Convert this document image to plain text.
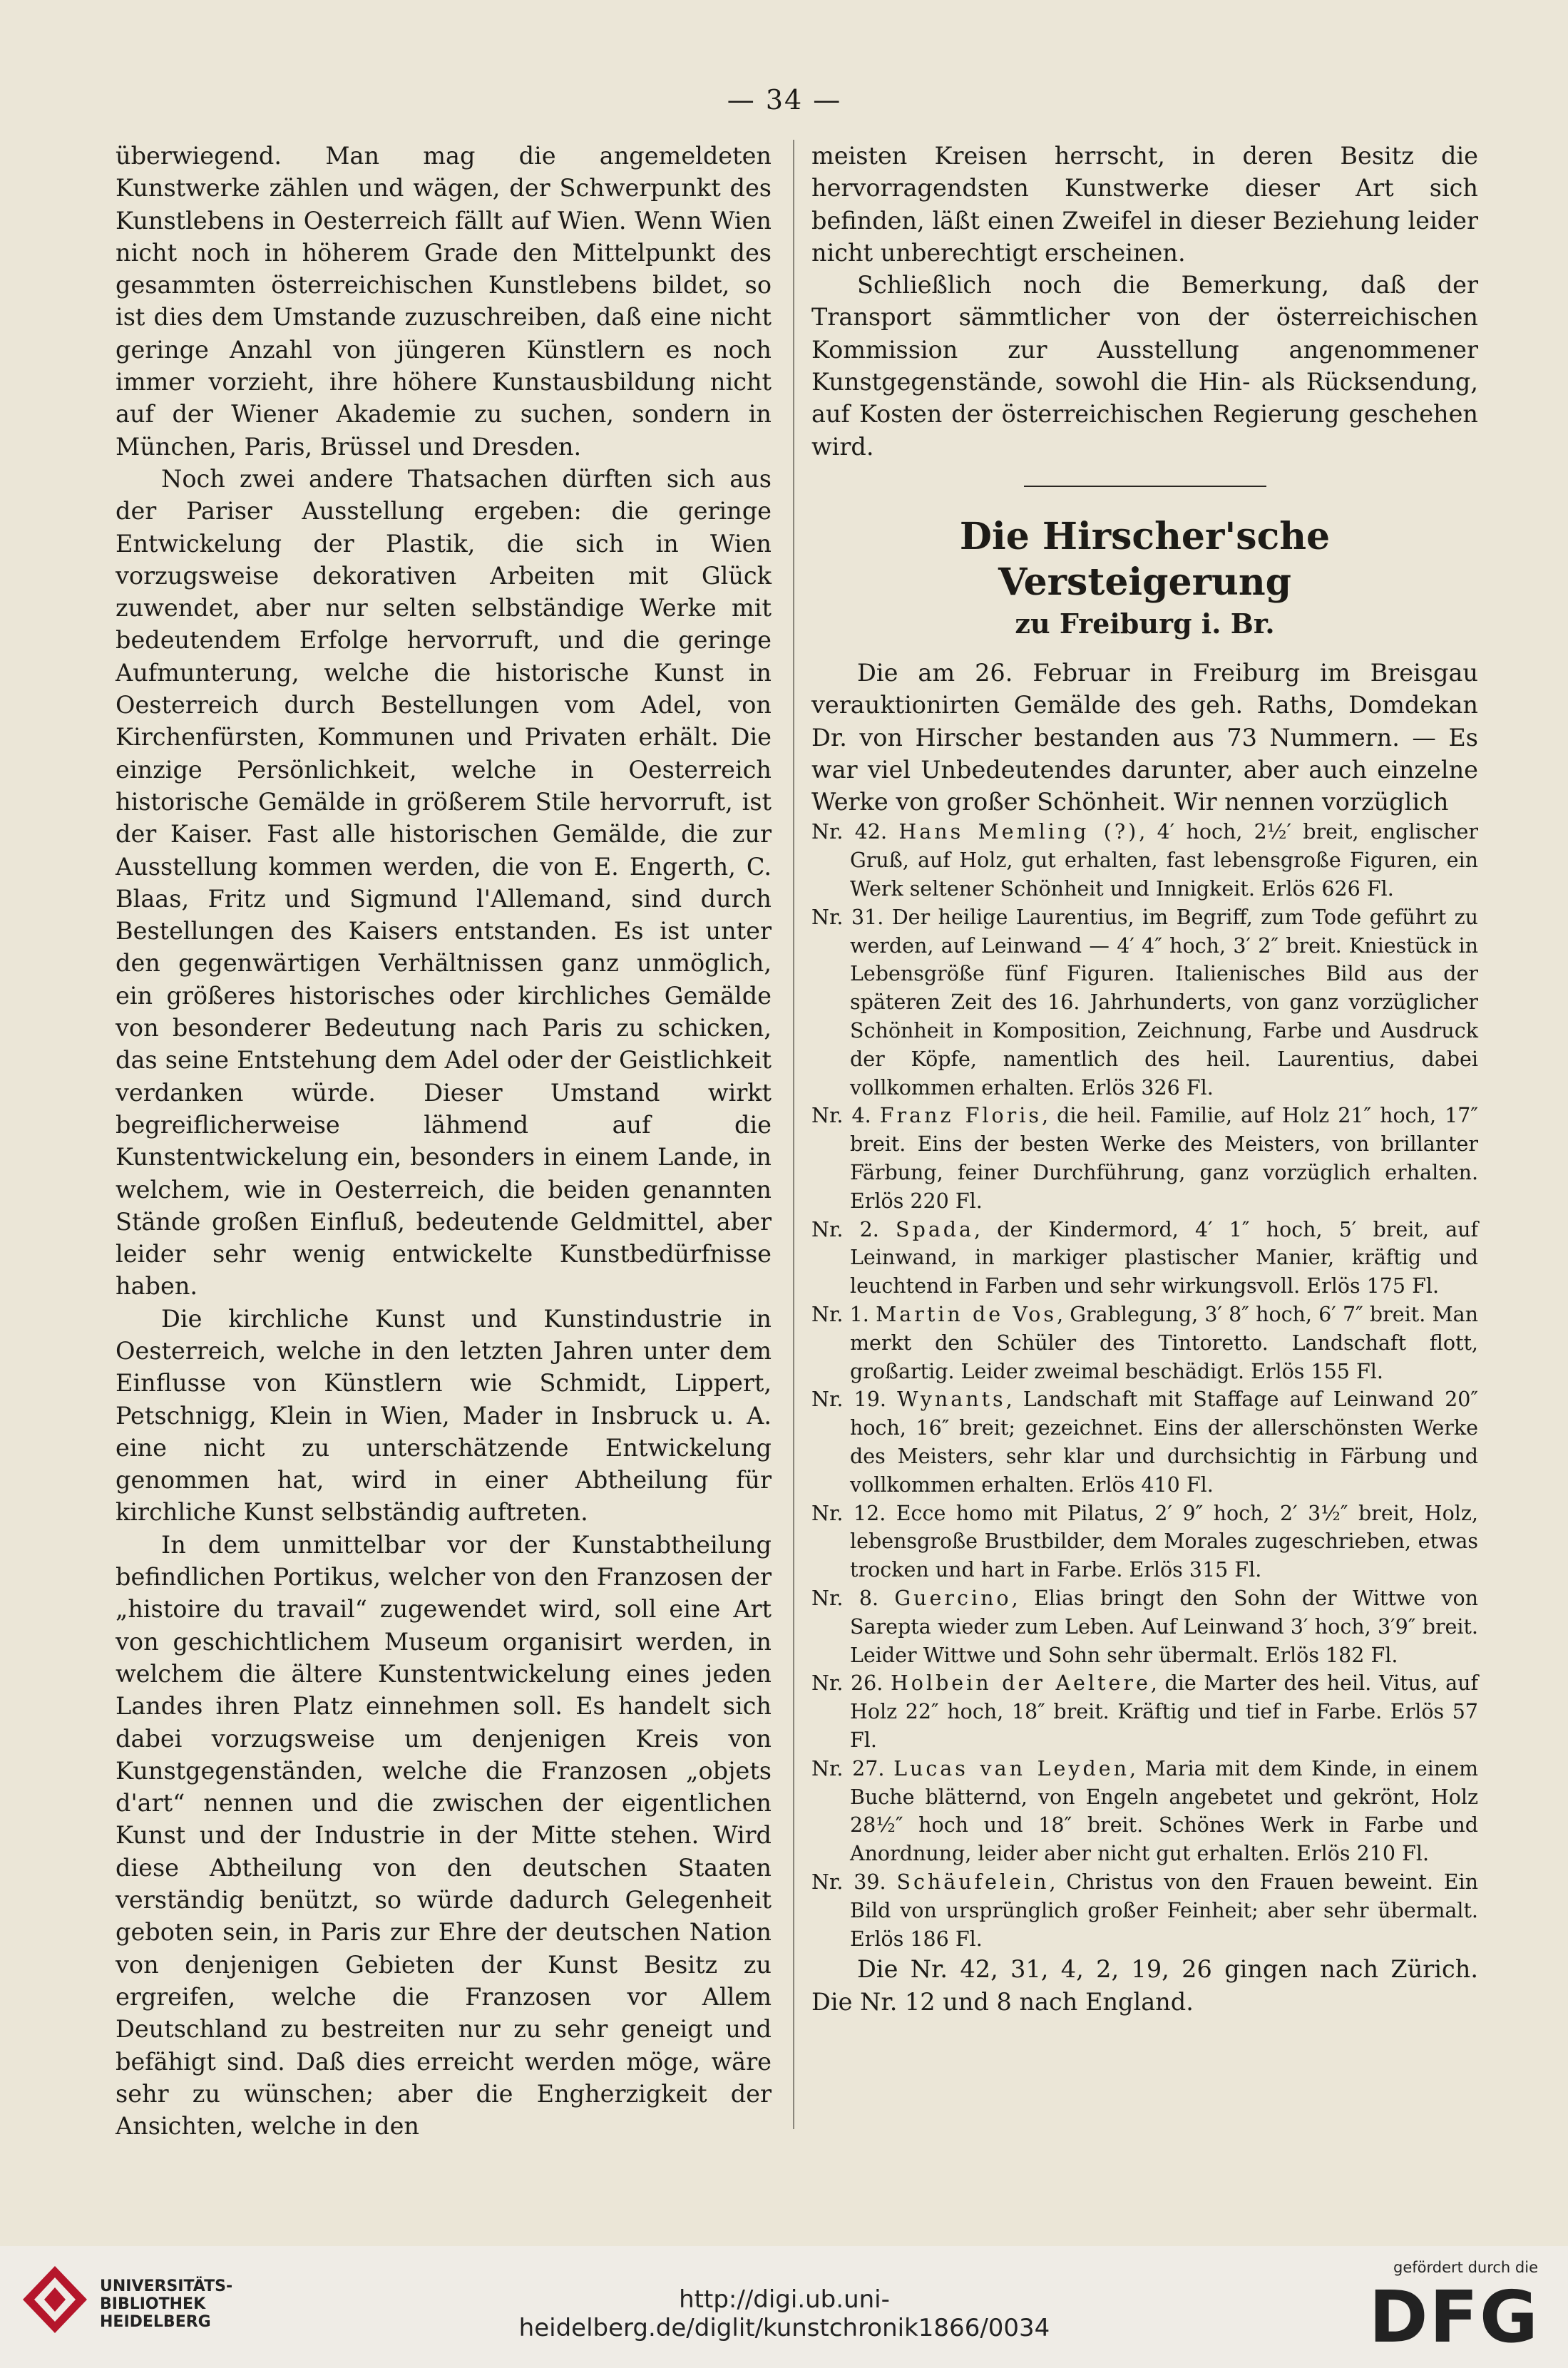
— 34 —

überwiegend. Man mag die angemeldeten Kunstwerke zählen und wägen, der Schwerpunkt des Kunstlebens in Oesterreich fällt auf Wien. Wenn Wien nicht noch in höherem Grade den Mittelpunkt des gesammten österreichischen Kunstlebens bildet, so ist dies dem Umstande zuzuschreiben, daß eine nicht geringe Anzahl von jüngeren Künstlern es noch immer vorzieht, ihre höhere Kunstausbildung nicht auf der Wiener Akademie zu suchen, sondern in München, Paris, Brüssel und Dresden.

Noch zwei andere Thatsachen dürften sich aus der Pariser Ausstellung ergeben: die geringe Entwickelung der Plastik, die sich in Wien vorzugsweise dekorativen Arbeiten mit Glück zuwendet, aber nur selten selbständige Werke mit bedeutendem Erfolge hervorruft, und die geringe Aufmunterung, welche die historische Kunst in Oesterreich durch Bestellungen vom Adel, von Kirchenfürsten, Kommunen und Privaten erhält. Die einzige Persönlichkeit, welche in Oesterreich historische Gemälde in größerem Stile hervorruft, ist der Kaiser. Fast alle historischen Gemälde, die zur Ausstellung kommen werden, die von E. Engerth, C. Blaas, Fritz und Sigmund l'Allemand, sind durch Bestellungen des Kaisers entstanden. Es ist unter den gegenwärtigen Verhältnissen ganz unmöglich, ein größeres historisches oder kirchliches Gemälde von besonderer Bedeutung nach Paris zu schicken, das seine Entstehung dem Adel oder der Geistlichkeit verdanken würde. Dieser Umstand wirkt begreiflicherweise lähmend auf die Kunstentwickelung ein, besonders in einem Lande, in welchem, wie in Oesterreich, die beiden genannten Stände großen Einfluß, bedeutende Geldmittel, aber leider sehr wenig entwickelte Kunstbedürfnisse haben.

Die kirchliche Kunst und Kunstindustrie in Oesterreich, welche in den letzten Jahren unter dem Einflusse von Künstlern wie Schmidt, Lippert, Petschnigg, Klein in Wien, Mader in Insbruck u. A. eine nicht zu unterschätzende Entwickelung genommen hat, wird in einer Abtheilung für kirchliche Kunst selbständig auftreten.

In dem unmittelbar vor der Kunstabtheilung befindlichen Portikus, welcher von den Franzosen der „histoire du travail“ zugewendet wird, soll eine Art von geschichtlichem Museum organisirt werden, in welchem die ältere Kunstentwickelung eines jeden Landes ihren Platz einnehmen soll. Es handelt sich dabei vorzugsweise um denjenigen Kreis von Kunstgegenständen, welche die Franzosen „objets d'art“ nennen und die zwischen der eigentlichen Kunst und der Industrie in der Mitte stehen. Wird diese Abtheilung von den deutschen Staaten verständig benützt, so würde dadurch Gelegenheit geboten sein, in Paris zur Ehre der deutschen Nation von denjenigen Gebieten der Kunst Besitz zu ergreifen, welche die Franzosen vor Allem Deutschland zu bestreiten nur zu sehr geneigt und befähigt sind. Daß dies erreicht werden möge, wäre sehr zu wünschen; aber die Engherzigkeit der Ansichten, welche in den

meisten Kreisen herrscht, in deren Besitz die hervorragendsten Kunstwerke dieser Art sich befinden, läßt einen Zweifel in dieser Beziehung leider nicht unberechtigt erscheinen.

Schließlich noch die Bemerkung, daß der Transport sämmtlicher von der österreichischen Kommission zur Ausstellung angenommener Kunstgegenstände, sowohl die Hin- als Rücksendung, auf Kosten der österreichischen Regierung geschehen wird.

Die Hirscher'sche Versteigerung
zu Freiburg i. Br.

Die am 26. Februar in Freiburg im Breisgau verauktionirten Gemälde des geh. Raths, Domdekan Dr. von Hirscher bestanden aus 73 Nummern. — Es war viel Unbedeutendes darunter, aber auch einzelne Werke von großer Schönheit. Wir nennen vorzüglich

Nr. 42. Hans Memling (?), 4′ hoch, 2½′ breit, englischer Gruß, auf Holz, gut erhalten, fast lebensgroße Figuren, ein Werk seltener Schönheit und Innigkeit. Erlös 626 Fl.

Nr. 31. Der heilige Laurentius, im Begriff, zum Tode geführt zu werden, auf Leinwand — 4′ 4″ hoch, 3′ 2″ breit. Kniestück in Lebensgröße fünf Figuren. Italienisches Bild aus der späteren Zeit des 16. Jahrhunderts, von ganz vorzüglicher Schönheit in Komposition, Zeichnung, Farbe und Ausdruck der Köpfe, namentlich des heil. Laurentius, dabei vollkommen erhalten. Erlös 326 Fl.

Nr. 4. Franz Floris, die heil. Familie, auf Holz 21″ hoch, 17″ breit. Eins der besten Werke des Meisters, von brillanter Färbung, feiner Durchführung, ganz vorzüglich erhalten. Erlös 220 Fl.

Nr. 2. Spada, der Kindermord, 4′ 1″ hoch, 5′ breit, auf Leinwand, in markiger plastischer Manier, kräftig und leuchtend in Farben und sehr wirkungsvoll. Erlös 175 Fl.

Nr. 1. Martin de Vos, Grablegung, 3′ 8″ hoch, 6′ 7″ breit. Man merkt den Schüler des Tintoretto. Landschaft flott, großartig. Leider zweimal beschädigt. Erlös 155 Fl.

Nr. 19. Wynants, Landschaft mit Staffage auf Leinwand 20″ hoch, 16″ breit; gezeichnet. Eins der allerschönsten Werke des Meisters, sehr klar und durchsichtig in Färbung und vollkommen erhalten. Erlös 410 Fl.

Nr. 12. Ecce homo mit Pilatus, 2′ 9″ hoch, 2′ 3½″ breit, Holz, lebensgroße Brustbilder, dem Morales zugeschrieben, etwas trocken und hart in Farbe. Erlös 315 Fl.

Nr. 8. Guercino, Elias bringt den Sohn der Wittwe von Sarepta wieder zum Leben. Auf Leinwand 3′ hoch, 3′9″ breit. Leider Wittwe und Sohn sehr übermalt. Erlös 182 Fl.

Nr. 26. Holbein der Aeltere, die Marter des heil. Vitus, auf Holz 22″ hoch, 18″ breit. Kräftig und tief in Farbe. Erlös 57 Fl.

Nr. 27. Lucas van Leyden, Maria mit dem Kinde, in einem Buche blätternd, von Engeln angebetet und gekrönt, Holz 28½″ hoch und 18″ breit. Schönes Werk in Farbe und Anordnung, leider aber nicht gut erhalten. Erlös 210 Fl.

Nr. 39. Schäufelein, Christus von den Frauen beweint. Ein Bild von ursprünglich großer Feinheit; aber sehr übermalt. Erlös 186 Fl.

Die Nr. 42, 31, 4, 2, 19, 26 gingen nach Zürich. Die Nr. 12 und 8 nach England.

UNIVERSITÄTS-
BIBLIOTHEK
HEIDELBERG
http://digi.ub.uni-heidelberg.de/diglit/kunstchronik1866/0034
gefördert durch die
DFG
